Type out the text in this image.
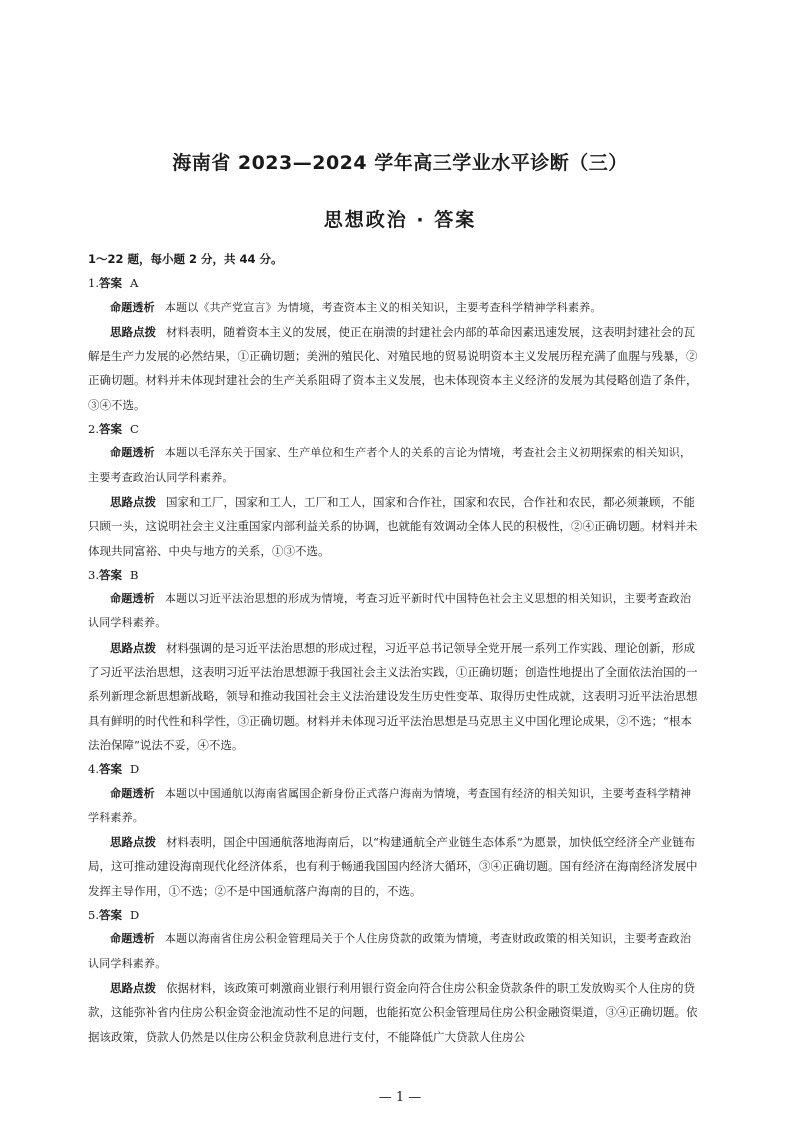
海南省 2023—2024 学年高三学业水平诊断（三）
思想政治 · 答案

1～22 题，每小题 2 分，共 44 分。

1.答案 A

命题透析 本题以《共产党宣言》为情境，考查资本主义的相关知识，主要考查科学精神学科素养。

思路点拨 材料表明，随着资本主义的发展，使正在崩溃的封建社会内部的革命因素迅速发展，这表明封建社会的瓦解是生产力发展的必然结果，①正确切题；美洲的殖民化、对殖民地的贸易说明资本主义发展历程充满了血腥与残暴，②正确切题。材料并未体现封建社会的生产关系阻碍了资本主义发展，也未体现资本主义经济的发展为其侵略创造了条件，③④不选。

2.答案 C

命题透析 本题以毛泽东关于国家、生产单位和生产者个人的关系的言论为情境，考查社会主义初期探索的相关知识，主要考查政治认同学科素养。

思路点拨 国家和工厂，国家和工人，工厂和工人，国家和合作社，国家和农民，合作社和农民，都必须兼顾，不能只顾一头，这说明社会主义注重国家内部利益关系的协调，也就能有效调动全体人民的积极性，②④正确切题。材料并未体现共同富裕、中央与地方的关系，①③不选。

3.答案 B

命题透析 本题以习近平法治思想的形成为情境，考查习近平新时代中国特色社会主义思想的相关知识，主要考查政治认同学科素养。

思路点拨 材料强调的是习近平法治思想的形成过程，习近平总书记领导全党开展一系列工作实践、理论创新，形成了习近平法治思想，这表明习近平法治思想源于我国社会主义法治实践，①正确切题；创造性地提出了全面依法治国的一系列新理念新思想新战略，领导和推动我国社会主义法治建设发生历史性变革、取得历史性成就，这表明习近平法治思想具有鲜明的时代性和科学性，③正确切题。材料并未体现习近平法治思想是马克思主义中国化理论成果，②不选；“根本法治保障”说法不妥，④不选。

4.答案 D

命题透析 本题以中国通航以海南省属国企新身份正式落户海南为情境，考查国有经济的相关知识，主要考查科学精神学科素养。

思路点拨 材料表明，国企中国通航落地海南后，以“构建通航全产业链生态体系”为愿景，加快低空经济全产业链布局，这可推动建设海南现代化经济体系，也有利于畅通我国国内经济大循环，③④正确切题。国有经济在海南经济发展中发挥主导作用，①不选；②不是中国通航落户海南的目的，不选。

5.答案 D

命题透析 本题以海南省住房公积金管理局关于个人住房贷款的政策为情境，考查财政政策的相关知识，主要考查政治认同学科素养。

思路点拨 依据材料，该政策可刺激商业银行利用银行资金向符合住房公积金贷款条件的职工发放购买个人住房的贷款，这能弥补省内住房公积金资金池流动性不足的问题，也能拓宽公积金管理局住房公积金融资渠道，③④正确切题。依据该政策，贷款人仍然是以住房公积金贷款利息进行支付，不能降低广大贷款人住房公

— 1 —
